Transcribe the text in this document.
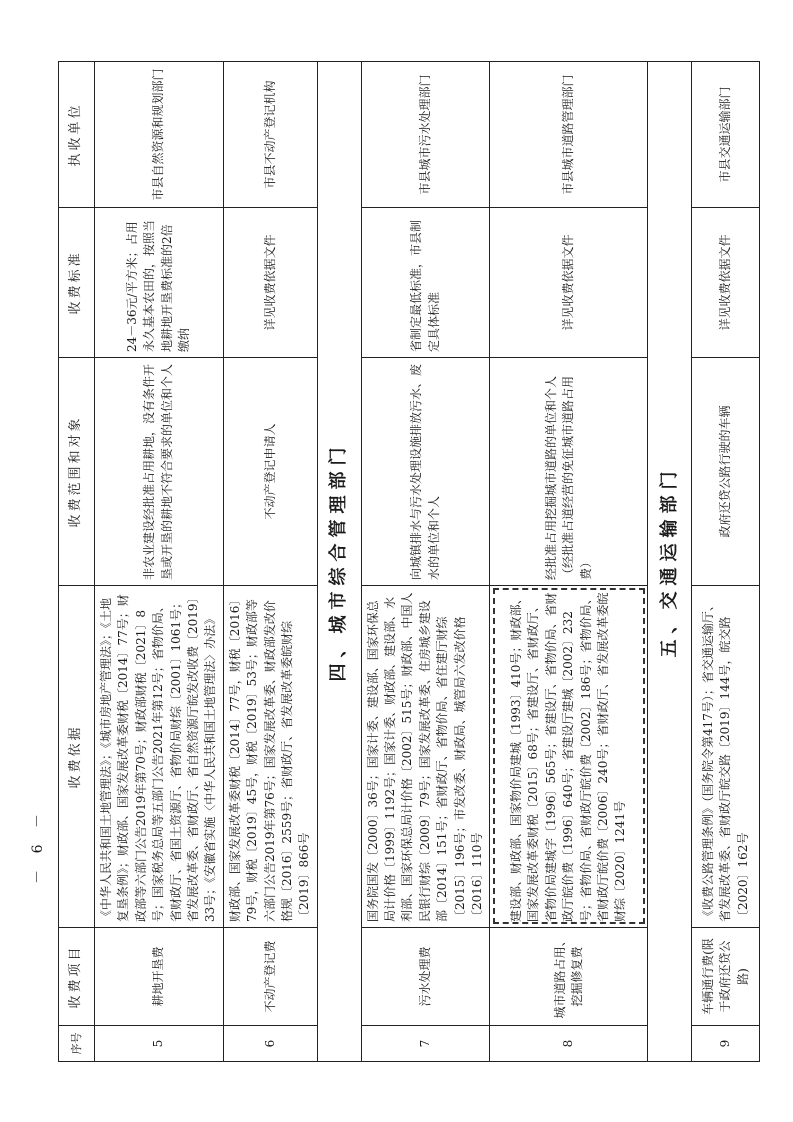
序号	收费项目	收费依据	收费范围和对象	收费标准	执收单位
5	耕地开垦费	《中华人民共和国土地管理法》；《城市房地产管理法》；《土地复垦条例》；财政部、国家发展改革委财税〔2014〕77号；财政部等六部门公告2019年第70号；财政部财税〔2021〕8号；国家税务总局等五部门公告2021年第12号；省物价局、省财政厅、省国土资源厅、省物价局财综〔2001〕1061号；省发展改革委、省财政厅、省自然资源厅皖发改收费〔2019〕33号；《安徽省实施〈中华人民共和国土地管理法〉办法》	非农业建设经批准占用耕地，没有条件开垦或开垦的耕地不符合要求的单位和个人	24－36元/平方米；占用永久基本农田的，按照当地耕地开垦费标准的2倍缴纳	市县自然资源和规划部门
6	不动产登记费	财政部、国家发展改革委财税〔2014〕77号，财税〔2016〕79号，财税〔2019〕45号，财税〔2019〕53号；财政部等六部门公告2019年第76号；国家发展改革委、财政部发改价格规〔2016〕2559号；省财政厅、省发展改革委皖财综〔2019〕866号	不动产登记申请人	详见收费依据文件	市县不动产登记机构
四、城市综合管理部门					
7	污水处理费	国务院国发〔2000〕36号；国家计委、建设部、国家环保总局计价格〔1999〕1192号；国家计委、财政部、建设部、水利部、国家环保总局计价格〔2002〕515号；财政部、中国人民银行财综〔2009〕79号；国家发展改革委、住房城乡建设部〔2014〕151号；省财政厅、省物价局、省住建厅财综〔2015〕196号；市发改委、财政局、城管局六发改价格〔2016〕110号	向城镇排水与污水处理设施排放污水、废水的单位和个人	省制定最低标准，市县制定具体标准	市县城市污水处理部门
8	城市道路占用、挖掘修复费	建设部、财政部、国家物价局建城〔1993〕410号；财政部、国家发展改革委财税〔2015〕68号；省建设厅、省财政厅、省物价局建城字〔1996〕565号；省建设厅、省物价局、省财政厅皖价费〔1996〕640号；省建设厅建城〔2002〕232号；省物价局、省财政厅皖价费〔2002〕186号；省物价局、省财政厅皖价费〔2006〕240号；省财政厅、省发展改革委皖财综〔2020〕1241号	经批准占用挖掘城市道路的单位和个人（经批准占道经营的免征城市道路占用费）	详见收费依据文件	市县城市道路管理部门
五、交通运输部门					
9	车辆通行费(限于政府还贷公路)	《收费公路管理条例》（国务院令第417号）；省交通运输厅、省发展改革委、省财政厅皖交路〔2019〕144号，皖交路〔2020〕162号	政府还贷公路行驶的车辆	详见收费依据文件	市县交通运输部门
－ 6 －
